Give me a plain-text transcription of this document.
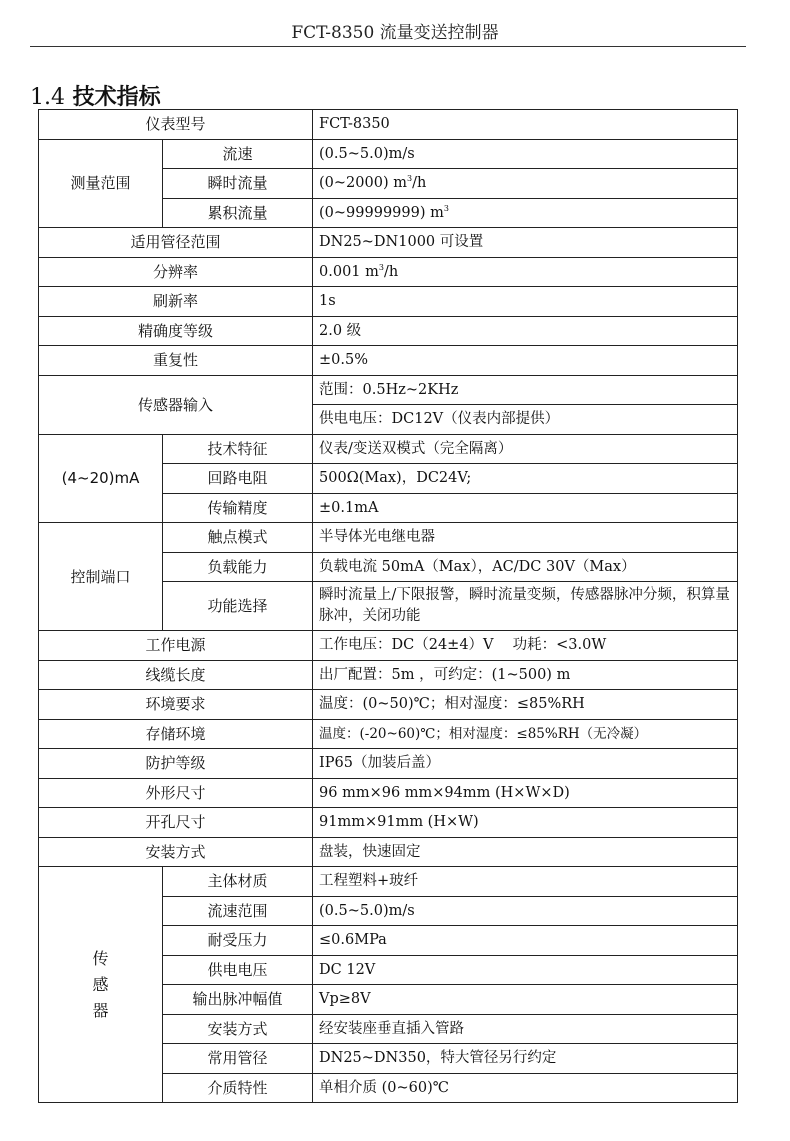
FCT-8350 流量变送控制器
1.4 技术指标
仪表型号		FCT-8350
测量范围	流速	(0.5~5.0)m/s
	瞬时流量	(0~2000) $m^3/h$
	累积流量	(0~99999999) $m^3$
适用管径范围		DN25~DN1000 可设置
分辨率		0.001 $m^3/h$
刷新率		1s
精确度等级		2.0 级
重复性		±0.5%
传感器输入		范围：0.5Hz~2KHz
		供电电压：DC12V（仪表内部提供）
(4~20)mA	技术特征	仪表/变送双模式（完全隔离）
	回路电阻	500Ω(Max)，DC24V;
	传输精度	±0.1mA
控制端口	触点模式	半导体光电继电器
	负载能力	负载电流 50mA（Max），AC/DC 30V（Max）
	功能选择	瞬时流量上/下限报警，瞬时流量变频，传感器脉冲分频，积算量脉冲，关闭功能
工作电源		工作电压：DC（24±4）V　 功耗：<3.0W
线缆长度		出厂配置：5m ，可约定：(1~500) m
环境要求		温度：(0~50)℃；相对湿度：≤85%RH
存储环境		温度：(-20~60)℃；相对湿度：≤85%RH（无冷凝）
防护等级		IP65（加装后盖）
外形尺寸		96 mm×96 mm×94mm (H×W×D)
开孔尺寸		91mm×91mm (H×W)
安装方式		盘装，快速固定
传感器	主体材质	工程塑料+玻纤
	流速范围	(0.5~5.0)m/s
	耐受压力	≤0.6MPa
	供电电压	DC 12V
	输出脉冲幅值	Vp≥8V
	安装方式	经安装座垂直插入管路
	常用管径	DN25~DN350，特大管径另行约定
	介质特性	单相介质 (0~60)℃
